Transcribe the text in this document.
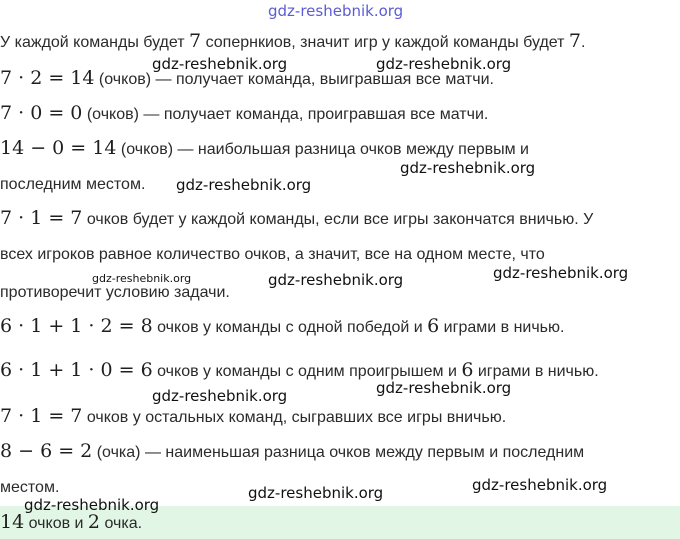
gdz-reshebnik.org
У каждой команды будет 7 сопернкиов, значит игр у каждой команды будет 7.
7 · 2 = 14 (очков) — получает команда, выигравшая все матчи.
7 · 0 = 0 (очков) — получает команда, проигравшая все матчи.
14 − 0 = 14 (очков) — наибольшая разница очков между первым и
последним местом.
7 · 1 = 7 очков будет у каждой команды, если все игры закончатся вничью. У
всех игроков равное количество очков, а значит, все на одном месте, что
противоречит условию задачи.
6 · 1 + 1 · 2 = 8 очков у команды с одной победой и 6 играми в ничью.
6 · 1 + 1 · 0 = 6 очков у команды с одним проигрышем и 6 играми в ничью.
7 · 1 = 7 очков у остальных команд, сыгравших все игры вничью.
8 − 6 = 2 (очка) — наименьшая разница очков между первым и последним
местом.
14 очков и 2 очка.
gdz-reshebnik.org	gdz-reshebnik.org
gdz-reshebnik.org
gdz-reshebnik.org
gdz-reshebnik.org	gdz-reshebnik.org	gdz-reshebnik.org
gdz-reshebnik.org	gdz-reshebnik.org
gdz-reshebnik.org
gdz-reshebnik.org
gdz-reshebnik.org
